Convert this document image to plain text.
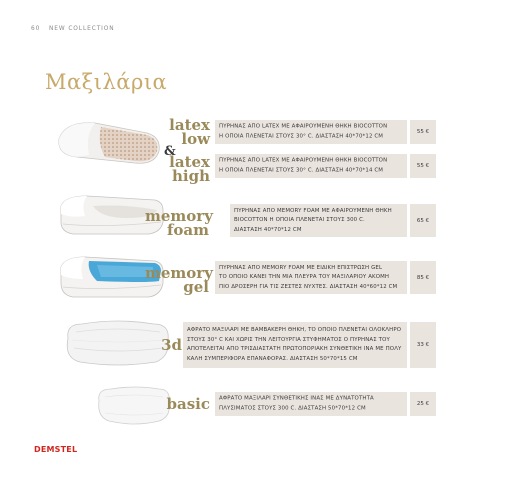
60 NEW COLLECTION
Μαξιλάρια
latex
low
&
latex
high
memory
foam
memory
gel
3d
basic
ΠΥΡΗΝΑΣ ΑΠΟ LATEX ΜΕ ΑΦΑΙΡΟΥΜΕΝΗ ΘΗΚΗ BIOCOTTON
Η ΟΠΟΙΑ ΠΛΕΝΕΤΑΙ ΣΤΟΥΣ 30° C. ΔΙΑΣΤΑΣΗ 40*70*12 CM
55 €
ΠΥΡΗΝΑΣ ΑΠΟ LATEX ΜΕ ΑΦΑΙΡΟΥΜΕΝΗ ΘΗΚΗ BIOCOTTON
Η ΟΠΟΙΑ ΠΛΕΝΕΤΑΙ ΣΤΟΥΣ 30° C. ΔΙΑΣΤΑΣΗ 40*70*14 CM
55 €
ΠΥΡΗΝΑΣ ΑΠΟ MEMORY FOAM ΜΕ ΑΦΑΙΡΟΥΜΕΝΗ ΘΗΚΗ
BIOCOTTON Η ΟΠΟΙΑ ΠΛΕΝΕΤΑΙ ΣΤΟΥΣ 300 C.
ΔΙΑΣΤΑΣΗ 40*70*12 CM
65 €
ΠΥΡΗΝΑΣ ΑΠΟ MEMORY FOAM ΜΕ ΕΙΔΙΚΗ ΕΠΙΣΤΡΩΣΗ GEL
ΤΟ ΟΠΟΙΟ ΚΑΝΕΙ ΤΗΝ ΜΙΑ ΠΛΕΥΡΑ ΤΟΥ ΜΑΞΙΛΑΡΙΟΥ ΑΚΟΜΗ
ΠΙΟ ΔΡΟΣΕΡΗ ΓΙΑ ΤΙΣ ΖΕΣΤΕΣ ΝΥΧΤΕΣ. ΔΙΑΣΤΑΣΗ 40*60*12 CM
85 €
ΑΦΡΑΤΟ ΜΑΞΙΛΑΡΙ ΜΕ ΒΑΜΒΑΚΕΡΗ ΘΗΚΗ, ΤΟ ΟΠΟΙΟ ΠΛΕΝΕΤΑΙ ΟΛΟΚΛΗΡΟ
ΣΤΟΥΣ 30° C ΚΑΙ ΧΩΡΙΣ ΤΗΝ ΛΕΙΤΟΥΡΓΙΑ ΣΤΥΦΗΜΑΤΟΣ Ο ΠΥΡΗΝΑΣ ΤΟΥ
ΑΠΟΤΕΛΕΙΤΑΙ ΑΠΟ ΤΡΙΣΔΙΑΣΤΑΤΗ ΠΡΩΤΟΠΟΡΙΑΚΗ ΣΥΝΘΕΤΙΚΗ ΙΝΑ ΜΕ ΠΟΛΥ
ΚΑΛΗ ΣΥΜΠΕΡΙΦΟΡΑ ΕΠΑΝΑΦΟΡΑΣ. ΔΙΑΣΤΑΣΗ 50*70*15 CM
33 €
ΑΦΡΑΤΟ ΜΑΞΙΛΑΡΙ ΣΥΝΘΕΤΙΚΗΣ ΙΝΑΣ ΜΕ ΔΥΝΑΤΟΤΗΤΑ
ΠΛΥΣΙΜΑΤΟΣ ΣΤΟΥΣ 300 C. ΔΙΑΣΤΑΣΗ 50*70*12 CM
25 €
DEMSTEL
